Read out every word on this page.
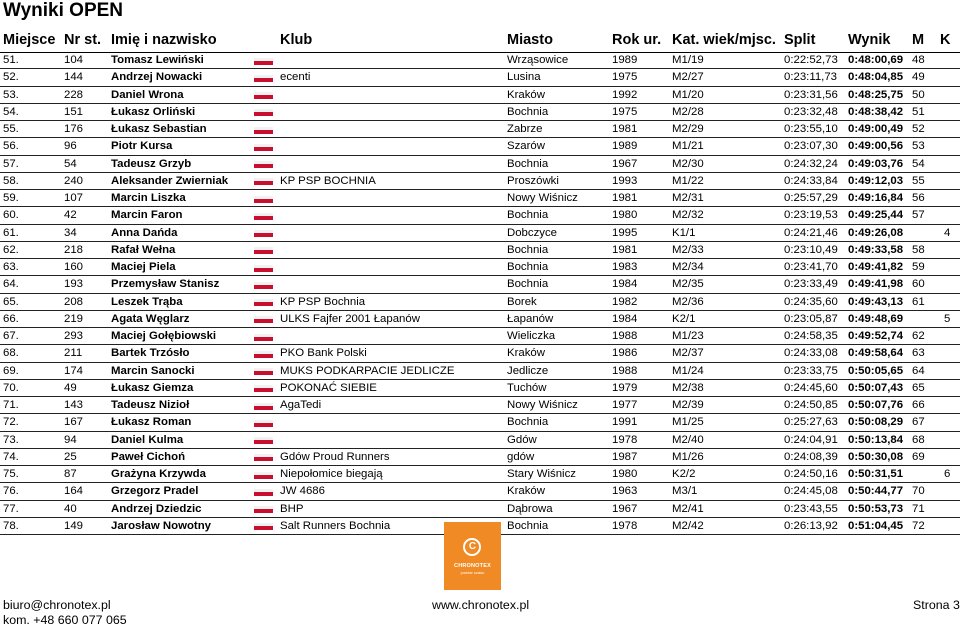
Wyniki OPEN
Miejsce Nr st. Imię i nazwisko	Klub	Miasto	Rok ur. Kat. wiek/mjsc. Split Wynik M K
51.	104	Tomasz Lewiński			Wrząsowice	1989	M1/19	0:22:52,73	0:48:00,69	48	
52.	144	Andrzej Nowacki		ecenti	Lusina	1975	M2/27	0:23:11,73	0:48:04,85	49	
53.	228	Daniel Wrona			Kraków	1992	M1/20	0:23:31,56	0:48:25,75	50	
54.	151	Łukasz Orliński			Bochnia	1975	M2/28	0:23:32,48	0:48:38,42	51	
55.	176	Łukasz Sebastian			Zabrze	1981	M2/29	0:23:55,10	0:49:00,49	52	
56.	96	Piotr Kursa			Szarów	1989	M1/21	0:23:07,30	0:49:00,56	53	
57.	54	Tadeusz Grzyb			Bochnia	1967	M2/30	0:24:32,24	0:49:03,76	54	
58.	240	Aleksander Zwierniak		KP PSP BOCHNIA	Proszówki	1993	M1/22	0:24:33,84	0:49:12,03	55	
59.	107	Marcin Liszka			Nowy Wiśnicz	1981	M2/31	0:25:57,29	0:49:16,84	56	
60.	42	Marcin Faron			Bochnia	1980	M2/32	0:23:19,53	0:49:25,44	57	
61.	34	Anna Dańda			Dobczyce	1995	K1/1	0:24:21,46	0:49:26,08		4
62.	218	Rafał Wełna			Bochnia	1981	M2/33	0:23:10,49	0:49:33,58	58	
63.	160	Maciej Piela			Bochnia	1983	M2/34	0:23:41,70	0:49:41,82	59	
64.	193	Przemysław Stanisz			Bochnia	1984	M2/35	0:23:33,49	0:49:41,98	60	
65.	208	Leszek Trąba		KP PSP Bochnia	Borek	1982	M2/36	0:24:35,60	0:49:43,13	61	
66.	219	Agata Węglarz		ULKS Fajfer 2001 Łapanów	Łapanów	1984	K2/1	0:23:05,87	0:49:48,69		5
67.	293	Maciej Gołębiowski			Wieliczka	1988	M1/23	0:24:58,35	0:49:52,74	62	
68.	211	Bartek Trzósło		PKO Bank Polski	Kraków	1986	M2/37	0:24:33,08	0:49:58,64	63	
69.	174	Marcin Sanocki		MUKS PODKARPACIE JEDLICZE	Jedlicze	1988	M1/24	0:23:33,75	0:50:05,65	64	
70.	49	Łukasz Giemza		POKONAĆ SIEBIE	Tuchów	1979	M2/38	0:24:45,60	0:50:07,43	65	
71.	143	Tadeusz Nizioł		AgaTedi	Nowy Wiśnicz	1977	M2/39	0:24:50,85	0:50:07,76	66	
72.	167	Łukasz Roman			Bochnia	1991	M1/25	0:25:27,63	0:50:08,29	67	
73.	94	Daniel Kulma			Gdów	1978	M2/40	0:24:04,91	0:50:13,84	68	
74.	25	Paweł Cichoń		Gdów Proud Runners	gdów	1987	M1/26	0:24:08,39	0:50:30,08	69	
75.	87	Grażyna Krzywda		Niepołomice biegają	Stary Wiśnicz	1980	K2/2	0:24:50,16	0:50:31,51		6
76.	164	Grzegorz Pradel		JW 4686	Kraków	1963	M3/1	0:24:45,08	0:50:44,77	70	
77.	40	Andrzej Dziedzic		BHP	Dąbrowa	1967	M2/41	0:23:43,55	0:50:53,73	71	
78.	149	Jarosław Nowotny		Salt Runners Bochnia	Bochnia	1978	M2/42	0:26:13,92	0:51:04,45	72	
C
CHRONOTEX
pomiar czasu
biuro@chronotex.pl
kom. +48 660 077 065
www.chronotex.pl	Strona 3
